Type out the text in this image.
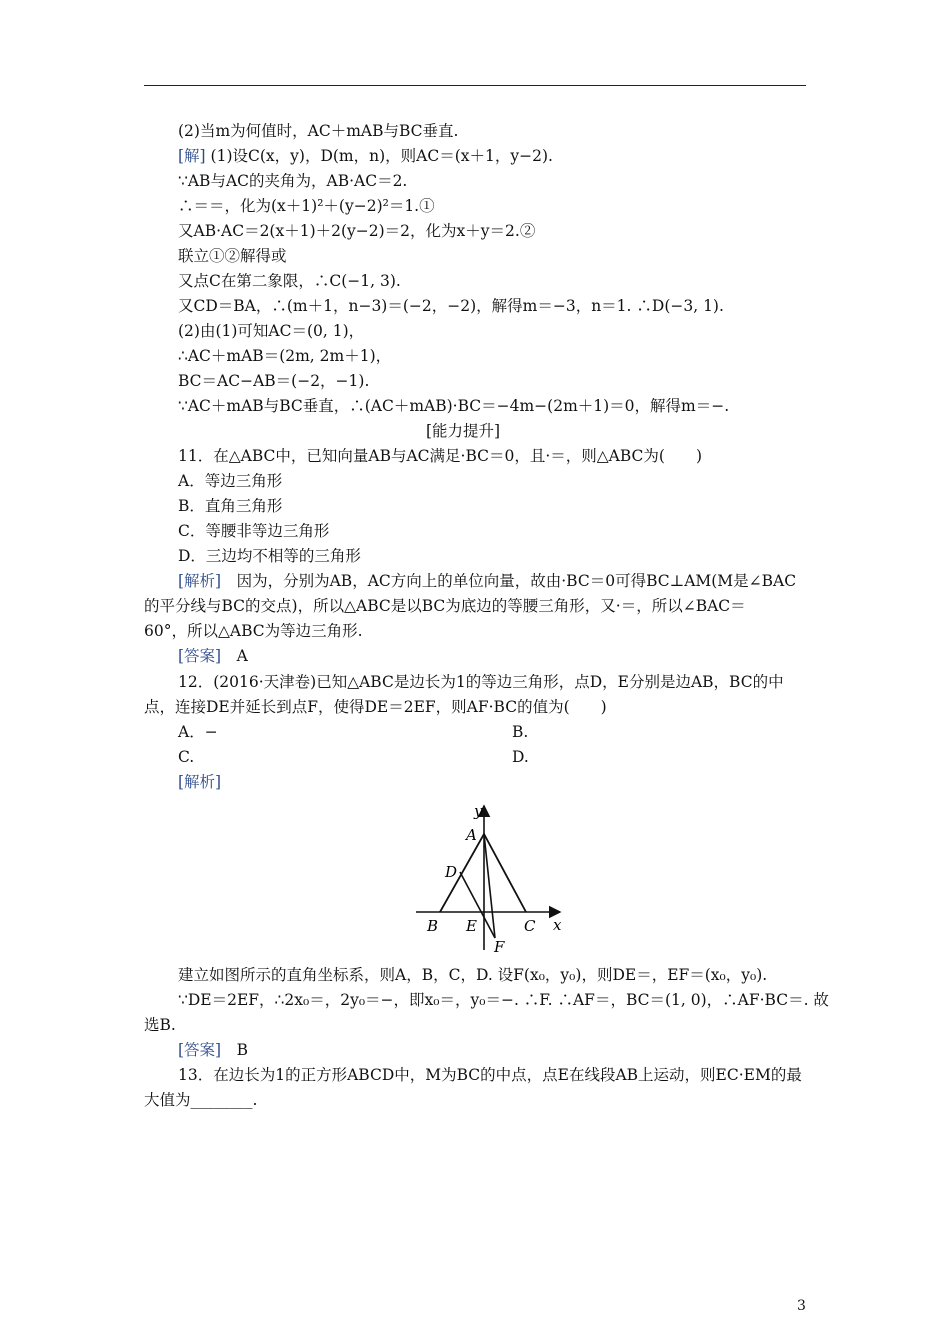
(2)当m为何值时，AC＋mAB与BC垂直.
[解] (1)设C(x，y)，D(m，n)，则AC＝(x＋1，y−2).
∵AB与AC的夹角为，AB·AC＝2.
∴＝＝，化为(x＋1)²＋(y−2)²＝1.①
又AB·AC＝2(x＋1)＋2(y−2)＝2，化为x＋y＝2.②
联立①②解得或
又点C在第二象限，∴C(−1, 3).
又CD＝BA，∴(m＋1，n−3)＝(−2，−2)，解得m＝−3，n＝1. ∴D(−3, 1).
(2)由(1)可知AC＝(0, 1)，
∴AC＋mAB＝(2m, 2m＋1)，
BC＝AC−AB＝(−2，−1).
∵AC＋mAB与BC垂直，∴(AC＋mAB)·BC＝−4m−(2m＋1)＝0，解得m＝−.
[能力提升]
11．在△ABC中，已知向量AB与AC满足·BC＝0，且·＝，则△ABC为(　　)
A．等边三角形
B．直角三角形
C．等腰非等边三角形
D．三边均不相等的三角形
[解析]　因为，分别为AB，AC方向上的单位向量，故由·BC＝0可得BC⊥AM(M是∠BAC
的平分线与BC的交点)，所以△ABC是以BC为底边的等腰三角形，又·＝，所以∠BAC＝
60°，所以△ABC为等边三角形.
[答案]　A
12．(2016·天津卷)已知△ABC是边长为1的等边三角形，点D，E分别是边AB，BC的中
点，连接DE并延长到点F，使得DE＝2EF，则AF·BC的值为(　　)
A．−	B.
C.	D.
[解析]
建立如图所示的直角坐标系，则A，B，C，D. 设F(x₀，y₀)，则DE＝，EF＝(x₀，y₀).
∵DE＝2EF，∴2x₀＝，2y₀＝−，即x₀＝，y₀＝−. ∴F. ∴AF＝，BC＝(1, 0)，∴AF·BC＝. 故
选B.
[答案]　B
13．在边长为1的正方形ABCD中，M为BC的中点，点E在线段AB上运动，则EC·EM的最
大值为________.
y
A
D
B E	C x
F
3
